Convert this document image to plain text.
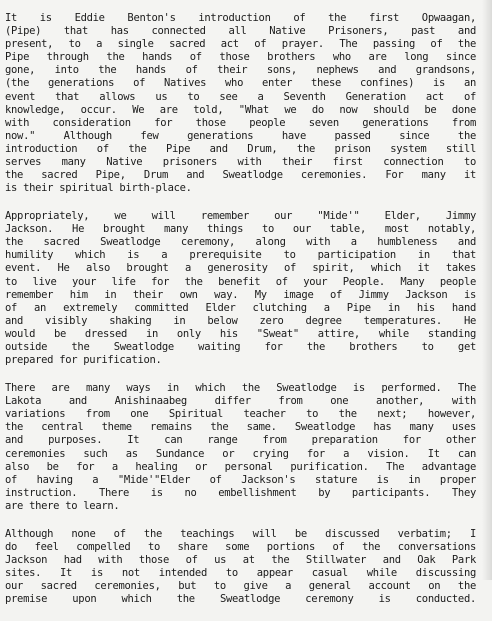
It is Eddie Benton's introduction of the first Opwaagan,
(Pipe) that has connected all Native Prisoners, past and
present, to a single sacred act of prayer. The passing of the
Pipe through the hands of those brothers who are long since
gone, into the hands of their sons, nephews and grandsons,
(the generations of Natives who enter these confines) is an
event that allows us to see a Seventh Generation act of
knowledge, occur. We are told, "What we do now should be done
with consideration for those people seven generations from
now." Although few generations have passed since the
introduction of the Pipe and Drum, the prison system still
serves many Native prisoners with their first connection to
the sacred Pipe, Drum and Sweatlodge ceremonies. For many it
is their spiritual birth-place.
Appropriately, we will remember our "Mide'" Elder, Jimmy
Jackson. He brought many things to our table, most notably,
the sacred Sweatlodge ceremony, along with a humbleness and
humility which is a prerequisite to participation in that
event. He also brought a generosity of spirit, which it takes
to live your life for the benefit of your People. Many people
remember him in their own way. My image of Jimmy Jackson is
of an extremely committed Elder clutching a Pipe in his hand
and visibly shaking in below zero degree temperatures. He
would be dressed in only his "Sweat" attire, while standing
outside the Sweatlodge waiting for the brothers to get
prepared for purification.
There are many ways in which the Sweatlodge is performed. The
Lakota and Anishinaabeg differ from one another, with
variations from one Spiritual teacher to the next; however,
the central theme remains the same. Sweatlodge has many uses
and purposes. It can range from preparation for other
ceremonies such as Sundance or crying for a vision. It can
also be for a healing or personal purification. The advantage
of having a "Mide'"Elder of Jackson's stature is in proper
instruction. There is no embellishment by participants. They
are there to learn.
Although none of the teachings will be discussed verbatim; I
do feel compelled to share some portions of the conversations
Jackson had with those of us at the Stillwater and Oak Park
sites. It is not intended to appear casual while discussing
our sacred ceremonies, but to give a general account on the
premise upon which the Sweatlodge ceremony is conducted.
